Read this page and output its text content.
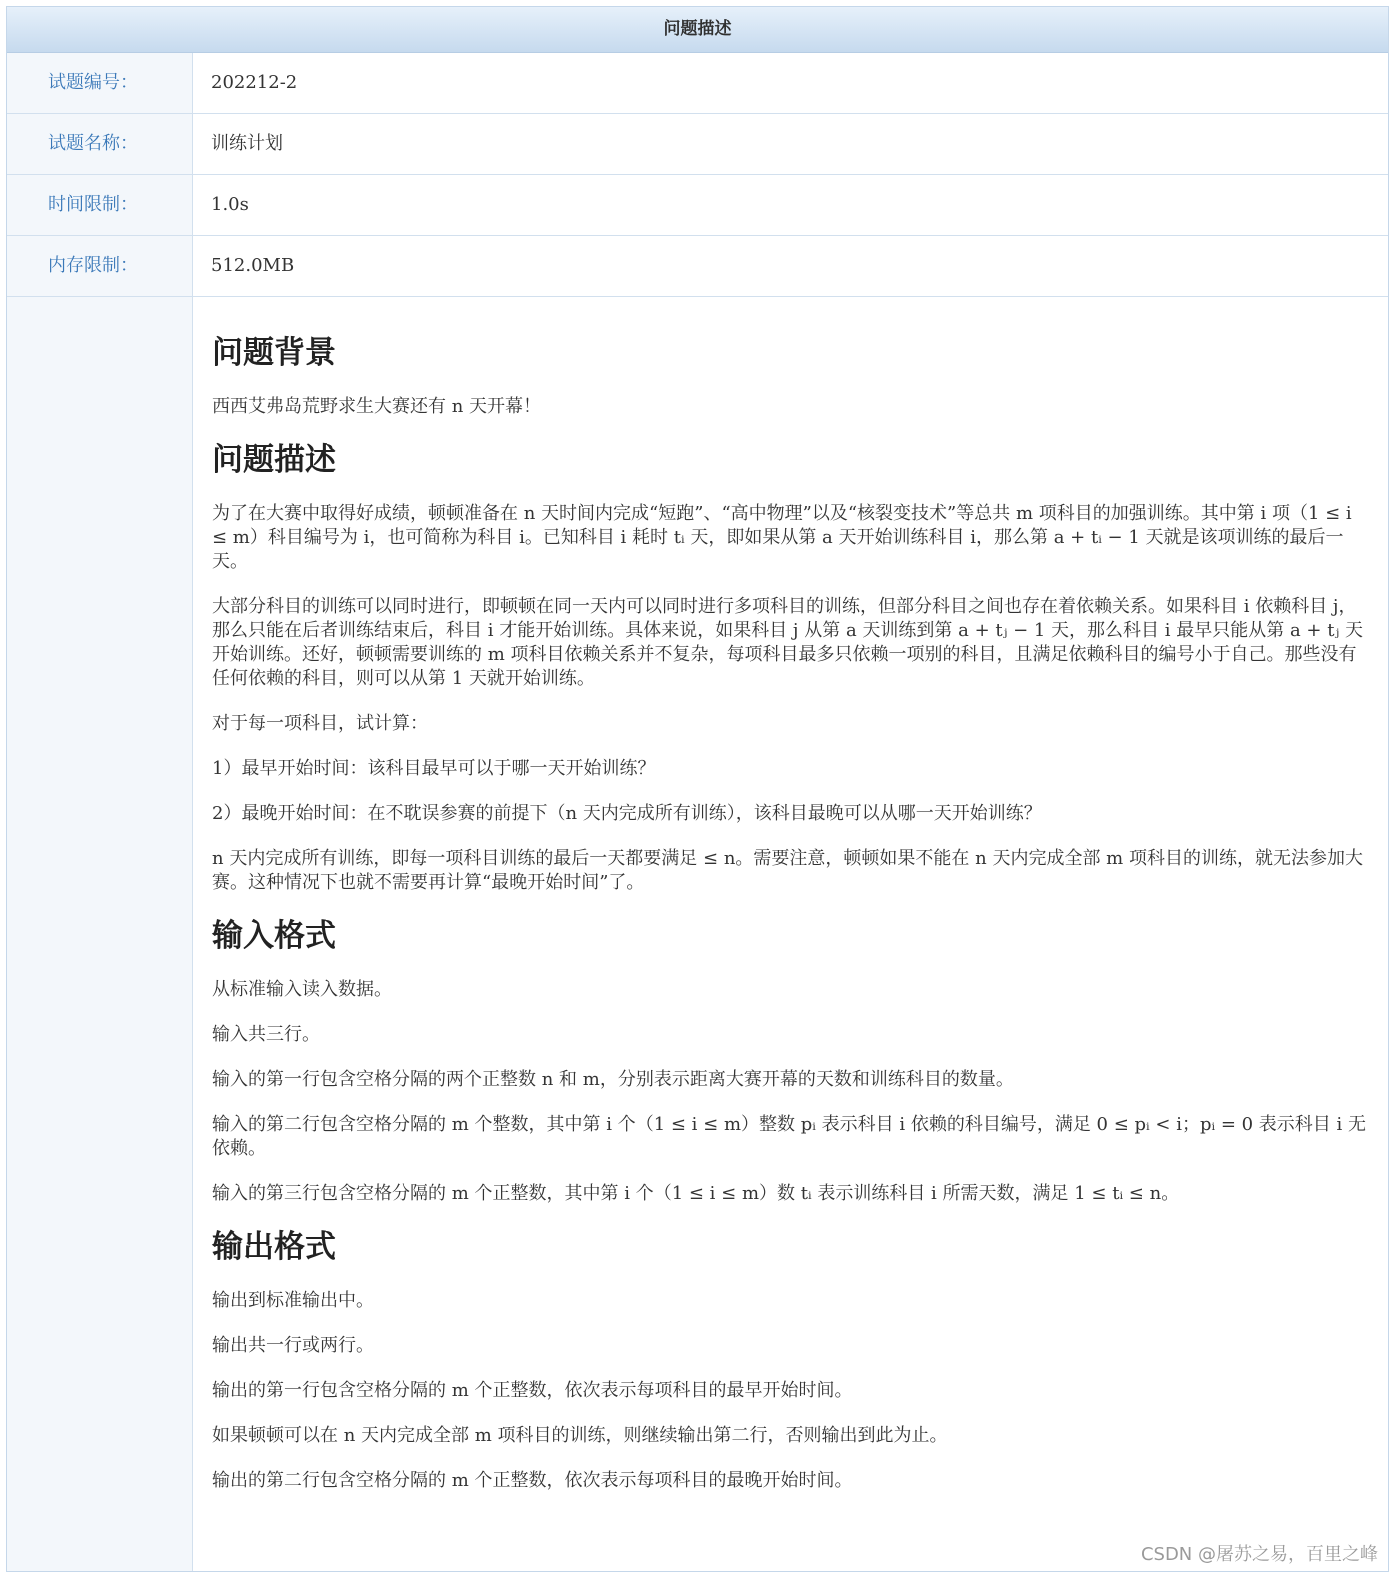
问题描述
试题编号：	202212-2
试题名称：	训练计划
时间限制：	1.0s
内存限制：	512.0MB
问题背景

西西艾弗岛荒野求生大赛还有 n 天开幕！

问题描述

为了在大赛中取得好成绩，顿顿准备在 n 天时间内完成“短跑”、“高中物理”以及“核裂变技术”等总共 m 项科目的加强训练。其中第 i 项（1 ≤ i ≤ m）科目编号为 i，也可简称为科目 i。已知科目 i 耗时 tᵢ 天，即如果从第 a 天开始训练科目 i，那么第 a + tᵢ − 1 天就是该项训练的最后一天。

大部分科目的训练可以同时进行，即顿顿在同一天内可以同时进行多项科目的训练，但部分科目之间也存在着依赖关系。如果科目 i 依赖科目 j，那么只能在后者训练结束后，科目 i 才能开始训练。具体来说，如果科目 j 从第 a 天训练到第 a + tⱼ − 1 天，那么科目 i 最早只能从第 a + tⱼ 天开始训练。还好，顿顿需要训练的 m 项科目依赖关系并不复杂，每项科目最多只依赖一项别的科目，且满足依赖科目的编号小于自己。那些没有任何依赖的科目，则可以从第 1 天就开始训练。

对于每一项科目，试计算：

1）最早开始时间：该科目最早可以于哪一天开始训练？

2）最晚开始时间：在不耽误参赛的前提下（n 天内完成所有训练），该科目最晚可以从哪一天开始训练？

n 天内完成所有训练，即每一项科目训练的最后一天都要满足 ≤ n。需要注意，顿顿如果不能在 n 天内完成全部 m 项科目的训练，就无法参加大赛。这种情况下也就不需要再计算“最晚开始时间”了。

输入格式

从标准输入读入数据。

输入共三行。

输入的第一行包含空格分隔的两个正整数 n 和 m，分别表示距离大赛开幕的天数和训练科目的数量。

输入的第二行包含空格分隔的 m 个整数，其中第 i 个（1 ≤ i ≤ m）整数 pᵢ 表示科目 i 依赖的科目编号，满足 0 ≤ pᵢ < i；pᵢ = 0 表示科目 i 无依赖。

输入的第三行包含空格分隔的 m 个正整数，其中第 i 个（1 ≤ i ≤ m）数 tᵢ 表示训练科目 i 所需天数，满足 1 ≤ tᵢ ≤ n。

输出格式

输出到标准输出中。

输出共一行或两行。

输出的第一行包含空格分隔的 m 个正整数，依次表示每项科目的最早开始时间。

如果顿顿可以在 n 天内完成全部 m 项科目的训练，则继续输出第二行，否则输出到此为止。

输出的第二行包含空格分隔的 m 个正整数，依次表示每项科目的最晚开始时间。

CSDN @屠苏之易，百里之峰
